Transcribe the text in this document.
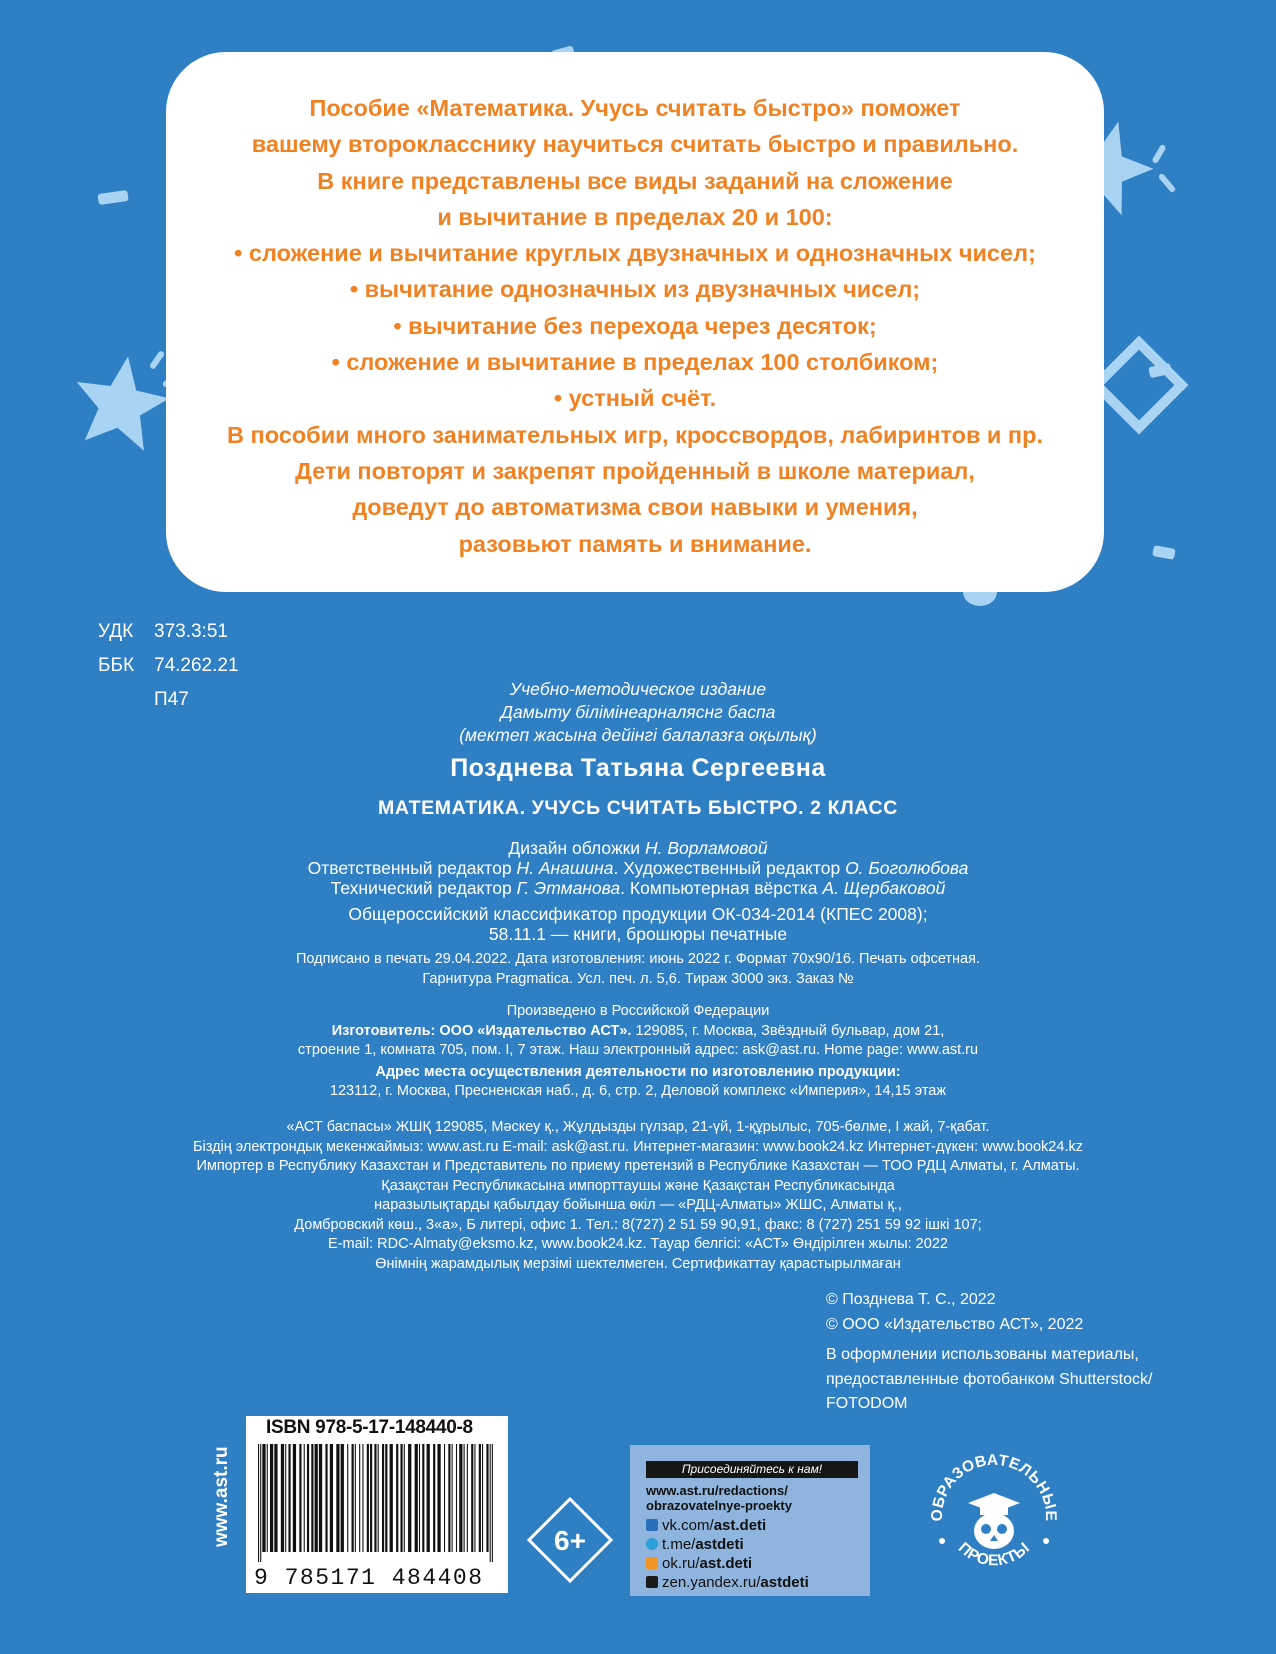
Пособие «Математика. Учусь считать быстро» поможет
вашему второкласснику научиться считать быстро и правильно.
В книге представлены все виды заданий на сложение
и вычитание в пределах 20 и 100:
• сложение и вычитание круглых двузначных и однозначных чисел;
• вычитание однозначных из двузначных чисел;
• вычитание без перехода через десяток;
• сложение и вычитание в пределах 100 столбиком;
• устный счёт.
В пособии много занимательных игр, кроссвордов, лабиринтов и пр.
Дети повторят и закрепят пройденный в школе материал,
доведут до автоматизма свои навыки и умения,
разовьют память и внимание.
УДК 373.3:51
ББК 74.262.21
П47	Учебно-методическое издание
Дамыту білімінеарналяснг баспа
(мектеп жасына дейінгі балалазға оқылық)
Позднева Татьяна Сергеевна
МАТЕМАТИКА. УЧУСЬ СЧИТАТЬ БЫСТРО. 2 КЛАСС
Дизайн обложки Н. Ворламовой
Ответственный редактор Н. Анашина. Художественный редактор О. Боголюбова
Технический редактор Г. Этманова. Компьютерная вёрстка А. Щербаковой
Общероссийский классификатор продукции ОК-034-2014 (КПЕС 2008);
58.11.1 — книги, брошюры печатные
Подписано в печать 29.04.2022. Дата изготовления: июнь 2022 г. Формат 70х90/16. Печать офсетная.
Гарнитура Pragmatica. Усл. печ. л. 5,6. Тираж 3000 экз. Заказ №
Произведено в Российской Федерации
Изготовитель: ООО «Издательство АСТ». 129085, г. Москва, Звёздный бульвар, дом 21,
строение 1, комната 705, пом. I, 7 этаж. Наш электронный адрес: ask@ast.ru. Home page: www.ast.ru
Адрес места осуществления деятельности по изготовлению продукции:
123112, г. Москва, Пресненская наб., д. 6, стр. 2, Деловой комплекс «Империя», 14,15 этаж
«АСТ баспасы» ЖШҚ 129085, Мәскеу қ., Жұлдызды гүлзар, 21-үй, 1-құрылыс, 705-бөлме, I жай, 7-қабат.
Біздің электрондық мекенжаймыз: www.ast.ru E-mail: ask@ast.ru. Интернет-магазин: www.book24.kz Интернет-дүкен: www.book24.kz
Импортер в Республику Казахстан и Представитель по приему претензий в Республике Казахстан — ТОО РДЦ Алматы, г. Алматы.
Қазақстан Республикасына импорттаушы және Қазақстан Республикасында
наразылықтарды қабылдау бойынша өкіл — «РДЦ-Алматы» ЖШС, Алматы қ.,
Домбровский көш., 3«а», Б литері, офис 1. Тел.: 8(727) 2 51 59 90,91, факс: 8 (727) 251 59 92 ішкі 107;
E-mail: RDC-Almaty@eksmo.kz, www.book24.kz. Тауар белгісі: «АСТ» Өндірілген жылы: 2022
Өнімнің жарамдылық мерзімі шектелмеген. Сертификаттау қарастырылмаған
© Позднева Т. С., 2022
© ООО «Издательство АСТ», 2022
В оформлении использованы материалы,
предоставленные фотобанком Shutterstock/
FOTODOM
www.ast.ru
ISBN 978-5-17-148440-8
9 785171 484408
6+
Присоединяйтесь к нам!
www.ast.ru/redactions/
obrazovatelnye-proekty
vk.com/ast.deti
t.me/astdeti
ok.ru/ast.deti
zen.yandex.ru/astdeti
ОБРАЗОВАТЕЛЬНЫЕ
ПРОЕКТЫ
